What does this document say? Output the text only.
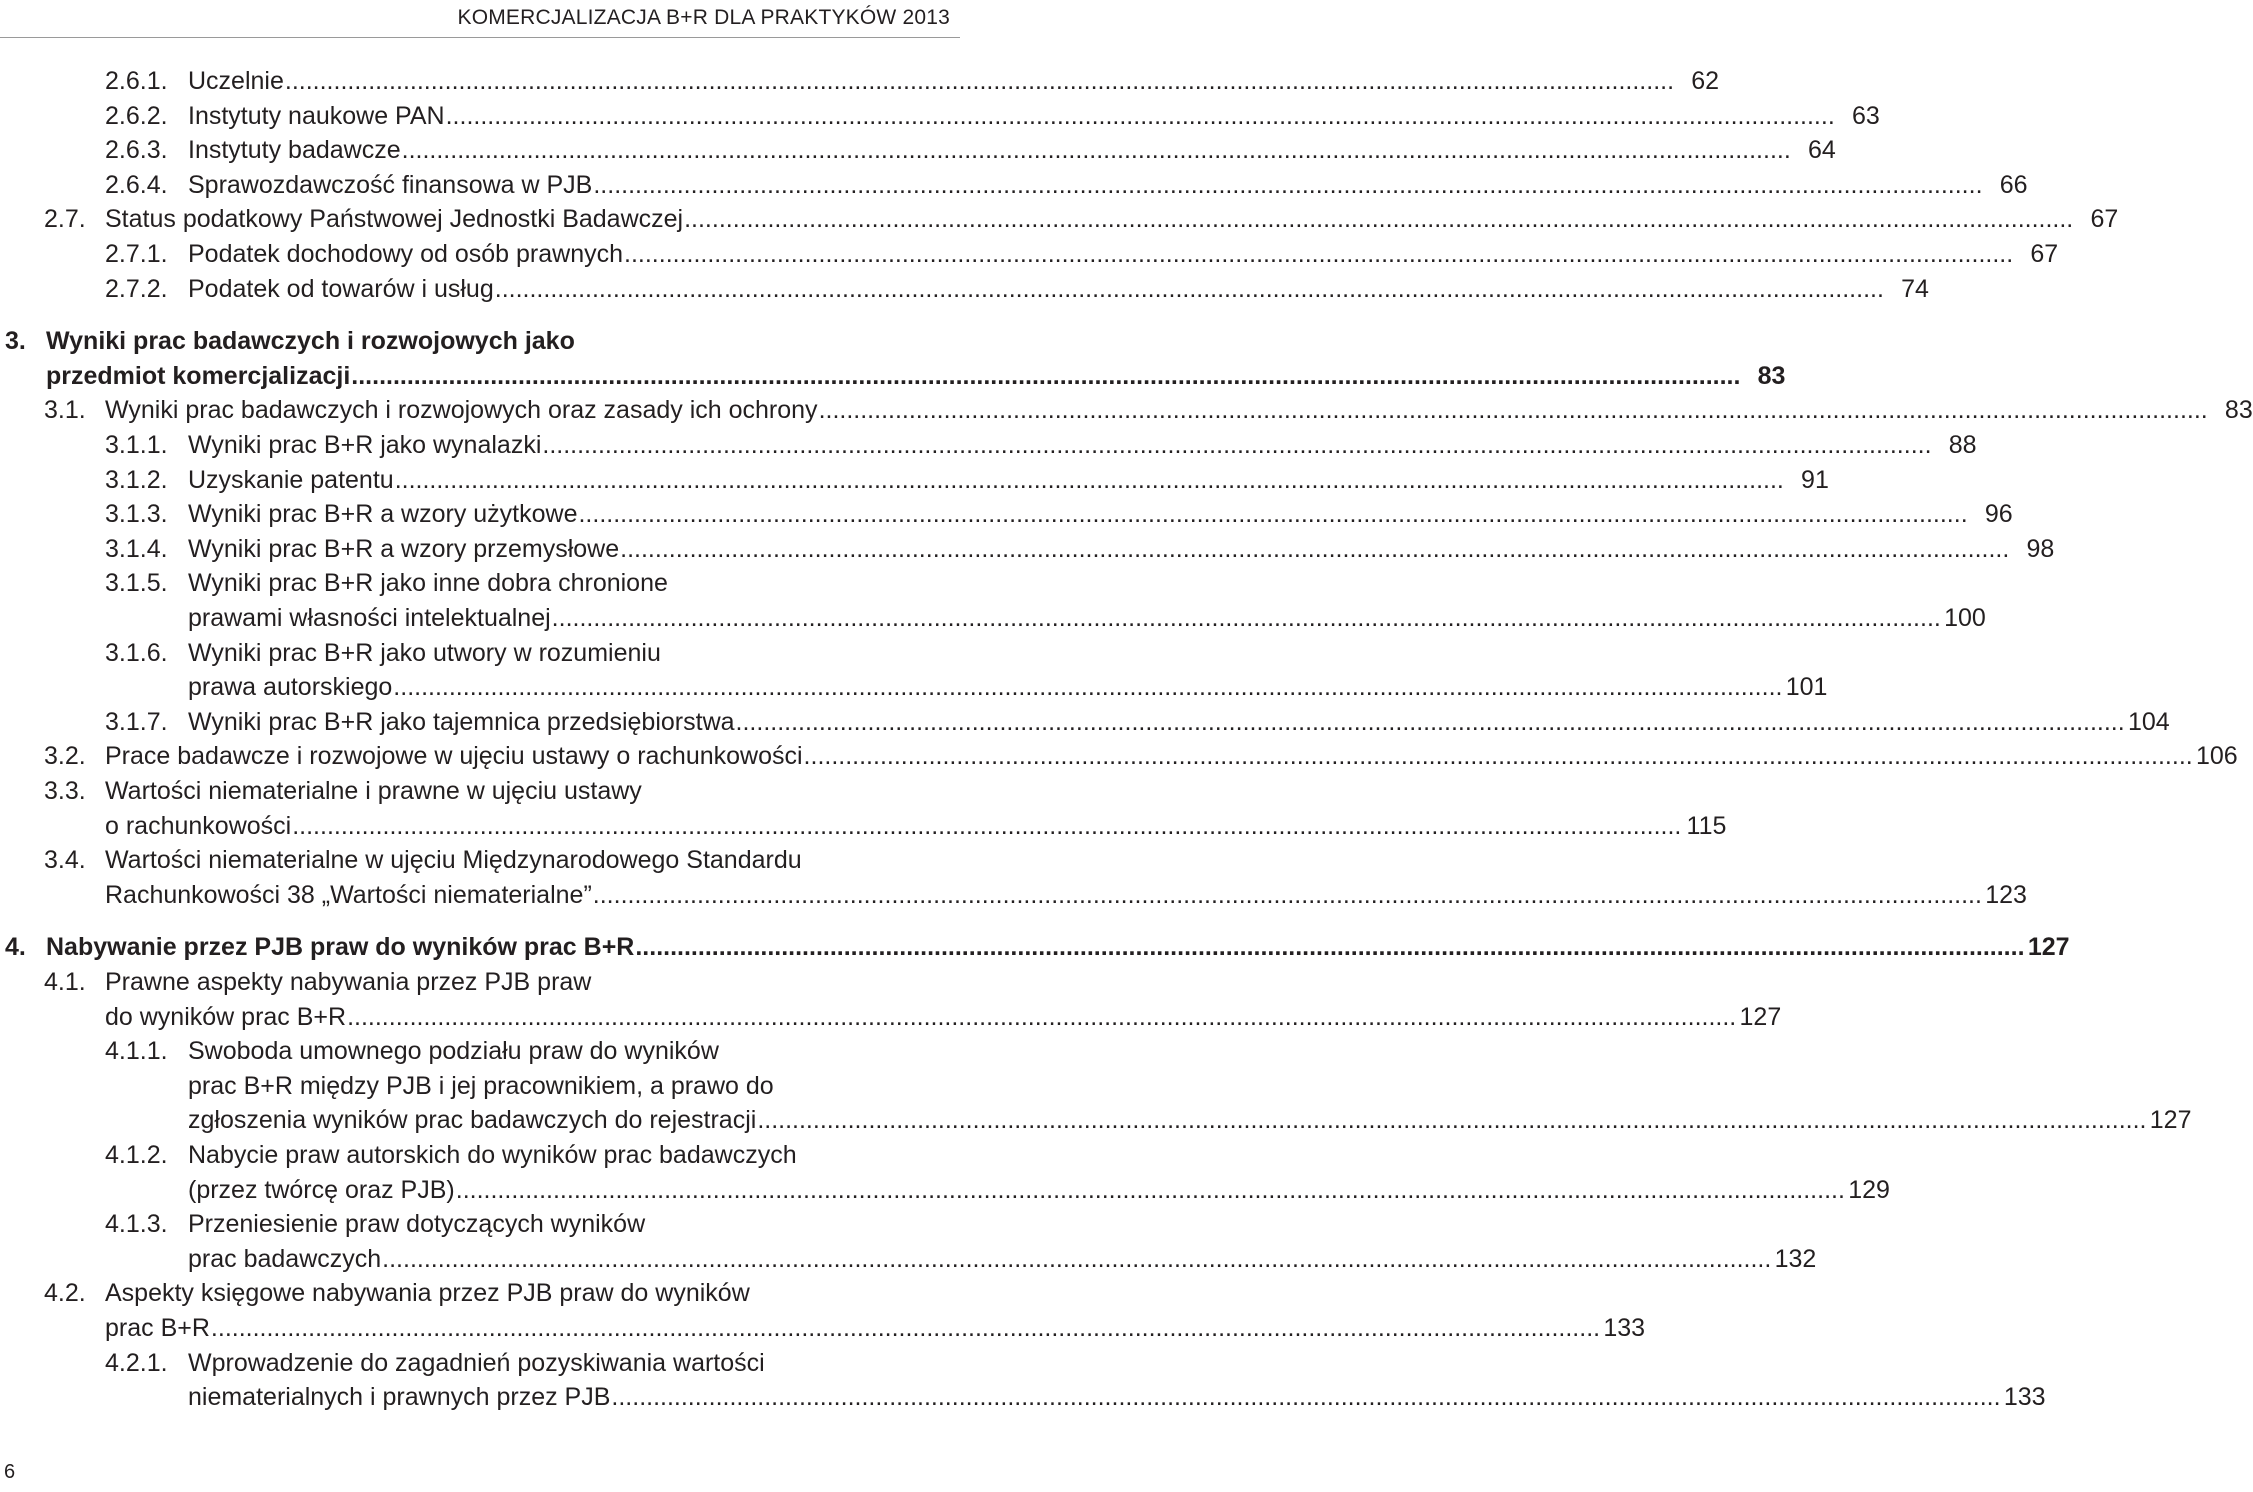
KOMERCJALIZACJA B+R DLA PRAKTYKÓW 2013
2.6.1. Uczelnie ........................................................................................................................................................................................................ 62
2.6.2. Instytuty naukowe PAN ........................................................................................................................................................................................................ 63
2.6.3. Instytuty badawcze ........................................................................................................................................................................................................ 64
2.6.4. Sprawozdawczość finansowa w PJB ........................................................................................................................................................................................................ 66
2.7. Status podatkowy Państwowej Jednostki Badawczej ........................................................................................................................................................................................................ 67
2.7.1. Podatek dochodowy od osób prawnych ........................................................................................................................................................................................................ 67
2.7.2. Podatek od towarów i usług ........................................................................................................................................................................................................ 74
3. Wyniki prac badawczych i rozwojowych jako
przedmiot komercjalizacji ........................................................................................................................................................................................................ 83
3.1. Wyniki prac badawczych i rozwojowych oraz zasady ich ochrony ........................................................................................................................................................................................................ 83
3.1.1. Wyniki prac B+R jako wynalazki ........................................................................................................................................................................................................ 88
3.1.2. Uzyskanie patentu ........................................................................................................................................................................................................ 91
3.1.3. Wyniki prac B+R a wzory użytkowe ........................................................................................................................................................................................................ 96
3.1.4. Wyniki prac B+R a wzory przemysłowe ........................................................................................................................................................................................................ 98
3.1.5. Wyniki prac B+R jako inne dobra chronione
prawami własności intelektualnej ........................................................................................................................................................................................................ 100
3.1.6. Wyniki prac B+R jako utwory w rozumieniu
prawa autorskiego ........................................................................................................................................................................................................ 101
3.1.7. Wyniki prac B+R jako tajemnica przedsiębiorstwa ........................................................................................................................................................................................................ 104
3.2. Prace badawcze i rozwojowe w ujęciu ustawy o rachunkowości ........................................................................................................................................................................................................ 106
3.3. Wartości niematerialne i prawne w ujęciu ustawy
o rachunkowości ........................................................................................................................................................................................................ 115
3.4. Wartości niematerialne w ujęciu Międzynarodowego Standardu
Rachunkowości 38 „Wartości niematerialne” ........................................................................................................................................................................................................ 123
4. Nabywanie przez PJB praw do wyników prac B+R ........................................................................................................................................................................................................ 127
4.1. Prawne aspekty nabywania przez PJB praw
do wyników prac B+R ........................................................................................................................................................................................................ 127
4.1.1. Swoboda umownego podziału praw do wyników
prac B+R między PJB i jej pracownikiem, a prawo do
zgłoszenia wyników prac badawczych do rejestracji ........................................................................................................................................................................................................ 127
4.1.2. Nabycie praw autorskich do wyników prac badawczych
(przez twórcę oraz PJB) ........................................................................................................................................................................................................ 129
4.1.3. Przeniesienie praw dotyczących wyników
prac badawczych ........................................................................................................................................................................................................ 132
4.2. Aspekty księgowe nabywania przez PJB praw do wyników
prac B+R ........................................................................................................................................................................................................ 133
4.2.1. Wprowadzenie do zagadnień pozyskiwania wartości
niematerialnych i prawnych przez PJB ........................................................................................................................................................................................................ 133
6
